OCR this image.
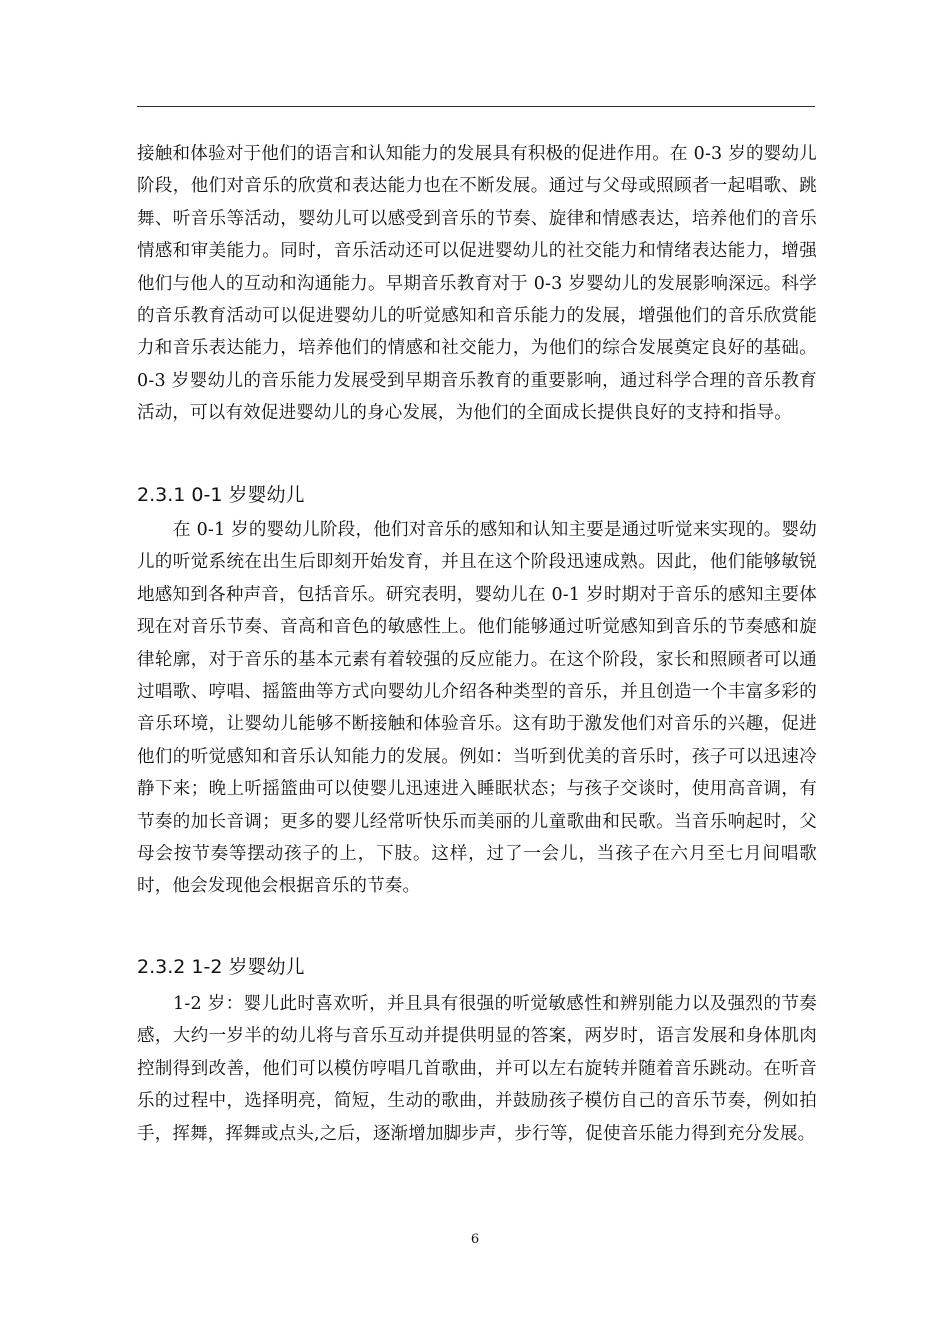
接触和体验对于他们的语言和认知能力的发展具有积极的促进作用。在 0-3 岁的婴幼儿阶段，他们对音乐的欣赏和表达能力也在不断发展。通过与父母或照顾者一起唱歌、跳舞、听音乐等活动，婴幼儿可以感受到音乐的节奏、旋律和情感表达，培养他们的音乐情感和审美能力。同时，音乐活动还可以促进婴幼儿的社交能力和情绪表达能力，增强他们与他人的互动和沟通能力。早期音乐教育对于 0-3 岁婴幼儿的发展影响深远。科学的音乐教育活动可以促进婴幼儿的听觉感知和音乐能力的发展，增强他们的音乐欣赏能力和音乐表达能力，培养他们的情感和社交能力，为他们的综合发展奠定良好的基础。0-3 岁婴幼儿的音乐能力发展受到早期音乐教育的重要影响，通过科学合理的音乐教育活动，可以有效促进婴幼儿的身心发展，为他们的全面成长提供良好的支持和指导。

2.3.1 0-1 岁婴幼儿

在 0-1 岁的婴幼儿阶段，他们对音乐的感知和认知主要是通过听觉来实现的。婴幼儿的听觉系统在出生后即刻开始发育，并且在这个阶段迅速成熟。因此，他们能够敏锐地感知到各种声音，包括音乐。研究表明，婴幼儿在 0-1 岁时期对于音乐的感知主要体现在对音乐节奏、音高和音色的敏感性上。他们能够通过听觉感知到音乐的节奏感和旋律轮廓，对于音乐的基本元素有着较强的反应能力。在这个阶段，家长和照顾者可以通过唱歌、哼唱、摇篮曲等方式向婴幼儿介绍各种类型的音乐，并且创造一个丰富多彩的音乐环境，让婴幼儿能够不断接触和体验音乐。这有助于激发他们对音乐的兴趣，促进他们的听觉感知和音乐认知能力的发展。例如：当听到优美的音乐时，孩子可以迅速冷静下来；晚上听摇篮曲可以使婴儿迅速进入睡眠状态；与孩子交谈时，使用高音调，有节奏的加长音调；更多的婴儿经常听快乐而美丽的儿童歌曲和民歌。当音乐响起时，父母会按节奏等摆动孩子的上，下肢。这样，过了一会儿，当孩子在六月至七月间唱歌时，他会发现他会根据音乐的节奏。

2.3.2 1-2 岁婴幼儿

1-2 岁：婴儿此时喜欢听，并且具有很强的听觉敏感性和辨别能力以及强烈的节奏感，大约一岁半的幼儿将与音乐互动并提供明显的答案，两岁时，语言发展和身体肌肉控制得到改善，他们可以模仿哼唱几首歌曲，并可以左右旋转并随着音乐跳动。在听音乐的过程中，选择明亮，简短，生动的歌曲，并鼓励孩子模仿自己的音乐节奏，例如拍手，挥舞，挥舞或点头,之后，逐渐增加脚步声，步行等，促使音乐能力得到充分发展。

6
